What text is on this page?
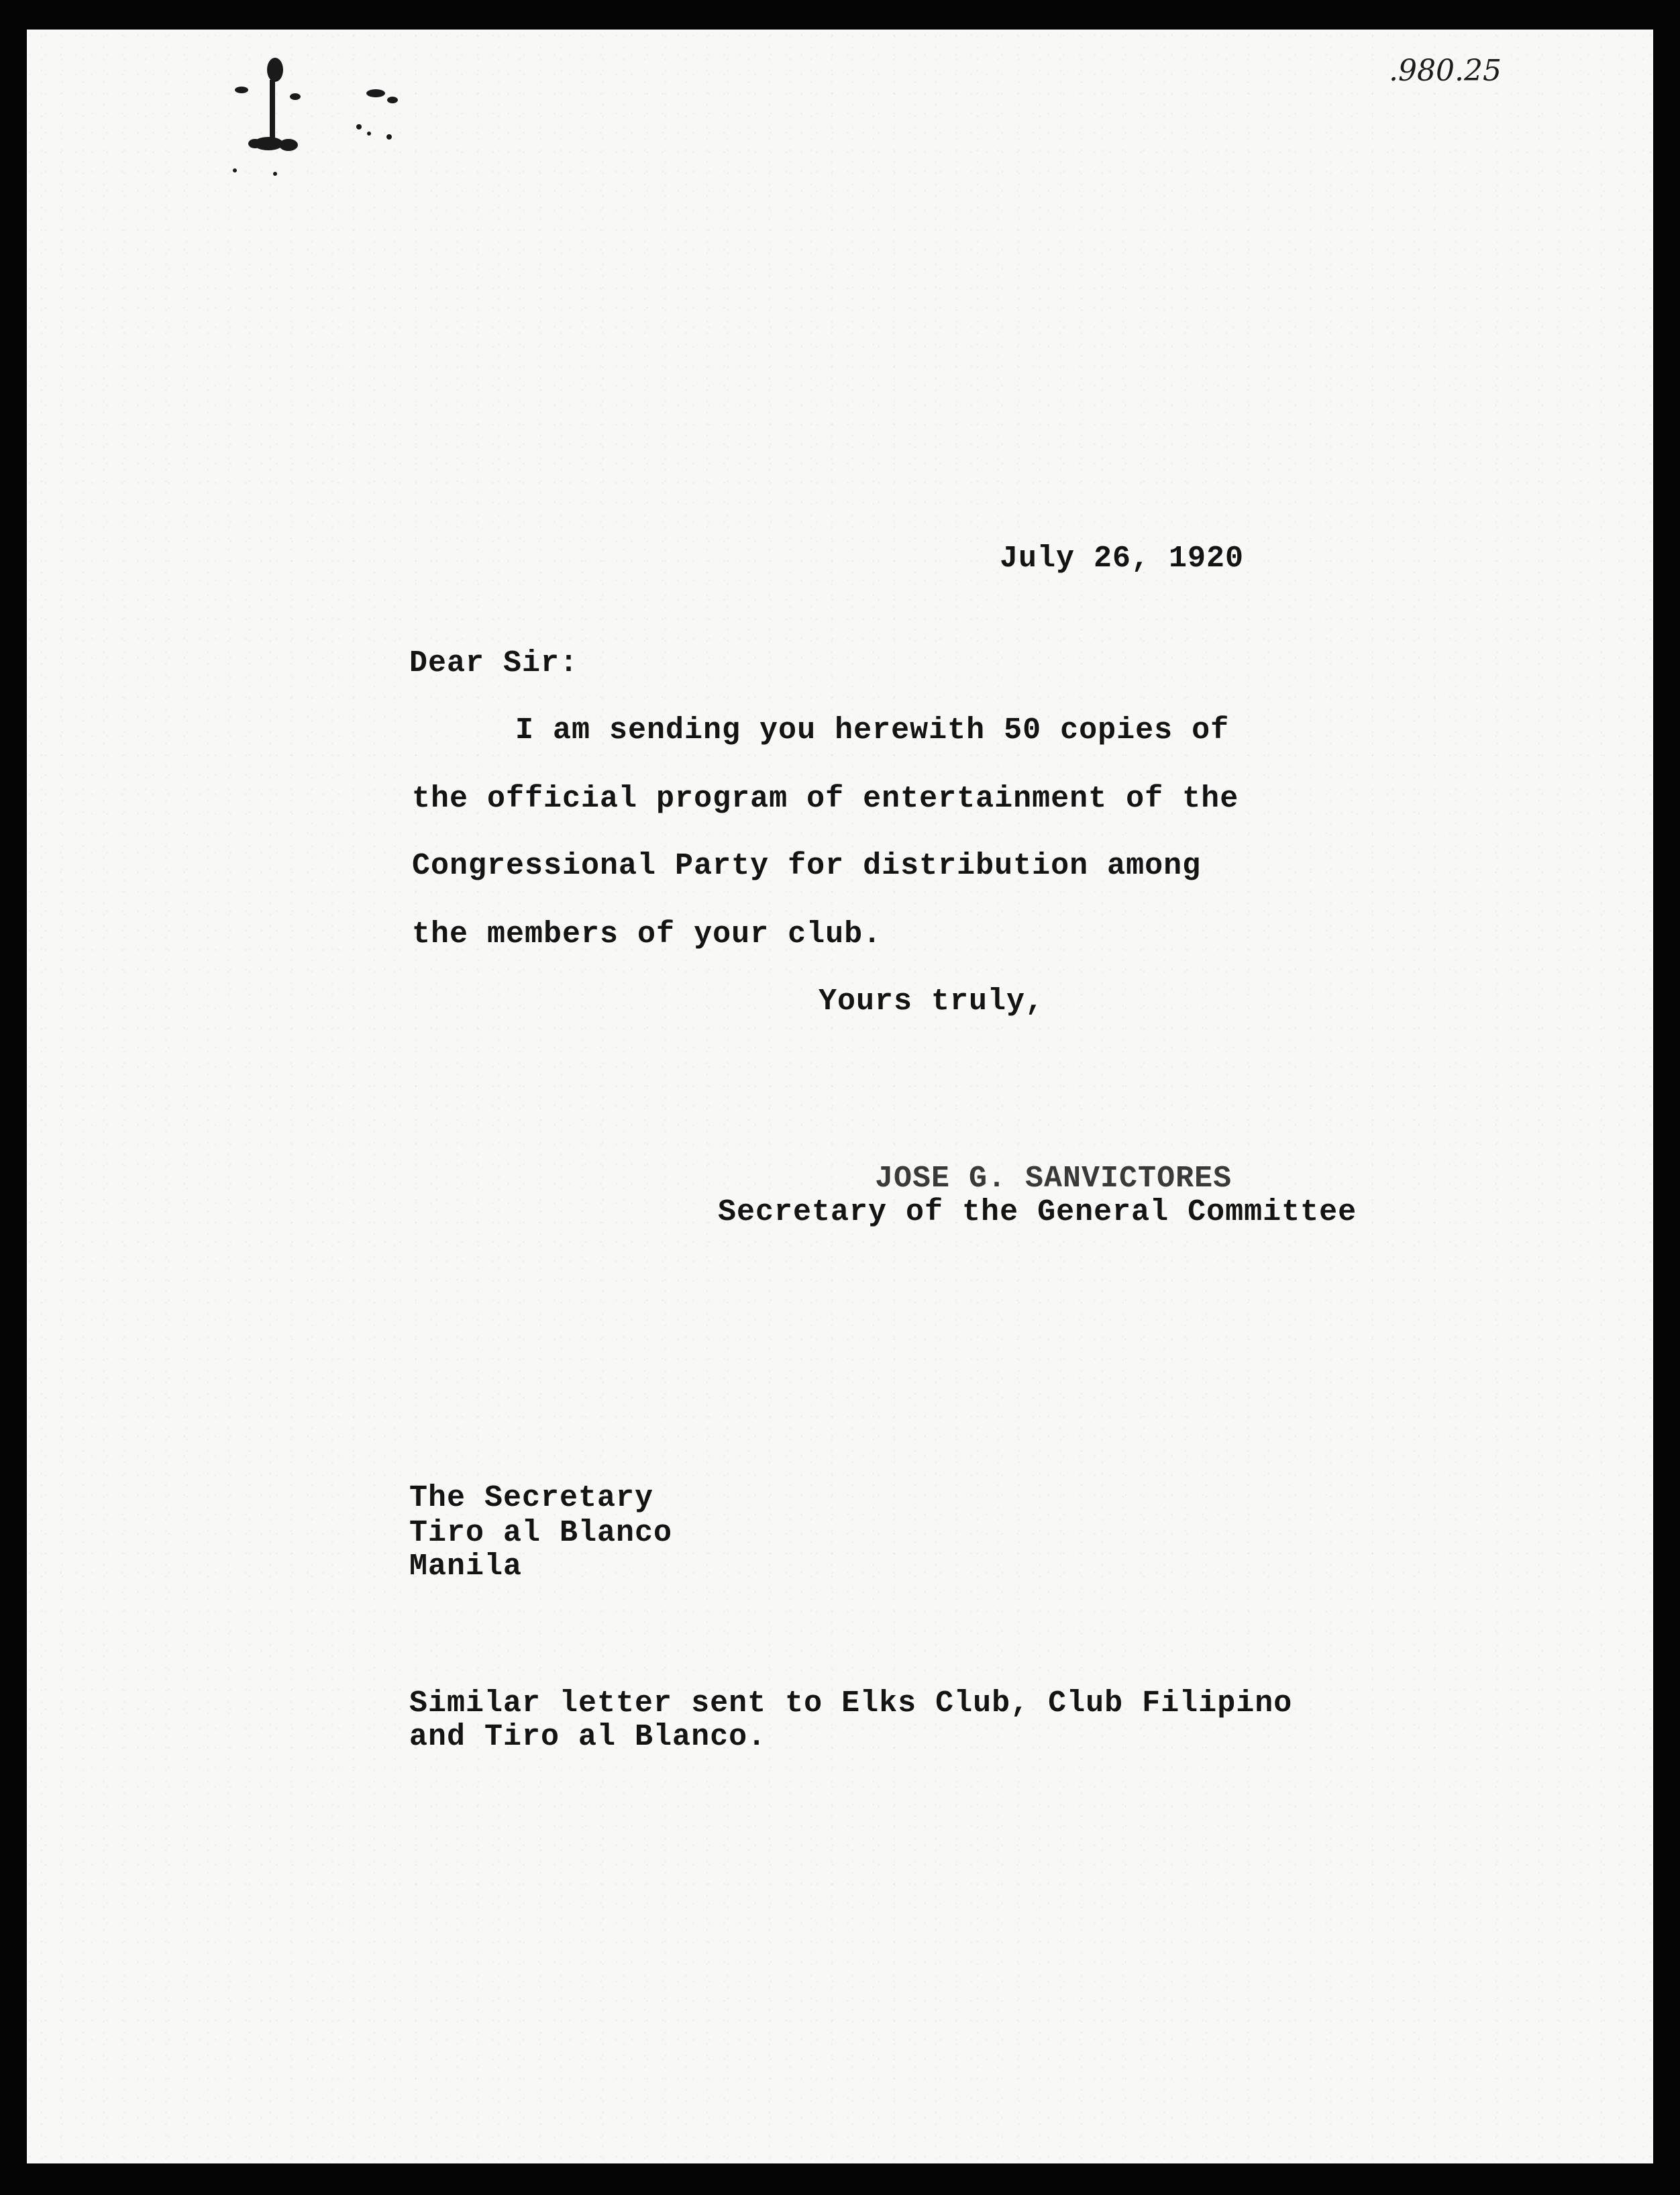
.980.25
July 26, 1920
Dear Sir:
I am sending you herewith 50 copies of
the official program of entertainment of the
Congressional Party for distribution among
the members of your club.
Yours truly,
JOSE G. SANVICTORES
Secretary of the General Committee
The Secretary
Tiro al Blanco
Manila
Similar letter sent to Elks Club, Club Filipino
and Tiro al Blanco.
